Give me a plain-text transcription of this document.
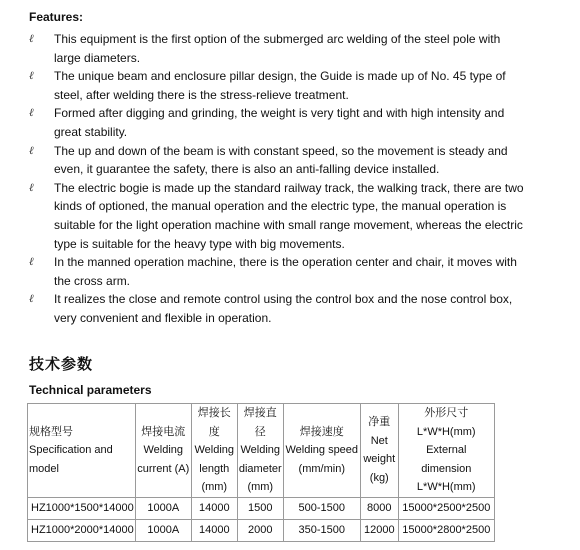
Features:
ℓ This equipment is the first option of the submerged arc welding of the steel pole with large diameters.
ℓ The unique beam and enclosure pillar design, the Guide is made up of No. 45 type of steel, after welding there is the stress-relieve treatment.
ℓ Formed after digging and grinding, the weight is very tight and with high intensity and great stability.
ℓ The up and down of the beam is with constant speed, so the movement is steady and even, it guarantee the safety, there is also an anti-falling device installed.
ℓ The electric bogie is made up the standard railway track, the walking track, there are two kinds of optioned, the manual operation and the electric type, the manual operation is suitable for the light operation machine with small range movement, whereas the electric type is suitable for the heavy type with big movements.
ℓ In the manned operation machine, there is the operation center and chair, it moves with the cross arm.
ℓ It realizes the close and remote control using the control box and the nose control box, very convenient and flexible in operation.
技术参数
Technical parameters
规格型号
Specification and
model	焊接电流
Welding
current (A)	焊接长度
Welding
length
(mm)	焊接直径
Welding
diameter
(mm)	焊接速度
Welding speed
(mm/min)	净重
Net
weight
(kg)	外形尺寸
L*W*H(mm)
External dimension
L*W*H(mm)

HZ1000*1500*14000	1000A	14000	1500	500-1500	8000	15000*2500*2500
HZ1000*2000*14000	1000A	14000	2000	350-1500	12000	15000*2800*2500
